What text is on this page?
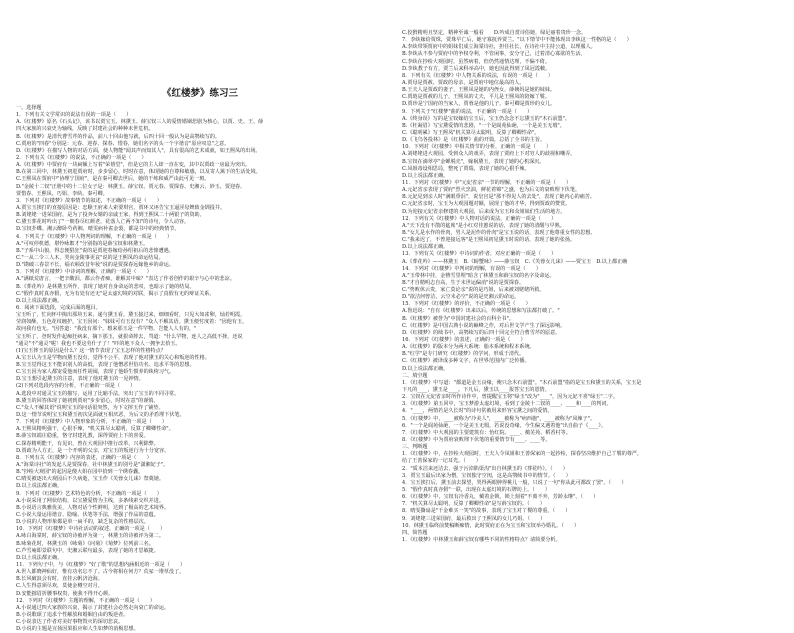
《红楼梦》练习三
一、选择题
1．下列有关文学常识的说法有误的一项是（　　）
A.《红楼梦》原名《石头记》，该书以贾宝玉、林黛玉、薛宝钗三人的爱情婚姻悲剧为核心，以贾、史、王、薛
四大家族的兴衰史为轴线，反映了封建社会的种种末世危机。
B.《红楼梦》是清代曹雪芹的作品，前八十回由他写就，后四十回一般认为是高鹗续写的。
C.贾府的"四春"分别是：元春、迎春、探春、惜春，她们名字的头一个字谐音"原应叹息"之意。
D.《红楼梦》在描写人物的对话方面，使人物能"闻其声而知其人"，具有很高的艺术成就，如王熙凤的出场。
2．下列有关《红楼梦》的说法，不正确的一项是（　　）
A.《红楼梦》中贾府有一块扁额上写着"荣禧堂"，但是它的主人却一直在变，其中以贾政一房最为突出。
B.在第三回中，林黛玉初进贾府时，步步留心，时时在意，体现她的自尊和敏感，以及寄人篱下的生活处境。
C.王熙凤在贾府中"协理宁国府"，是在秦可卿去世后，她的干练和威严由此可见一斑。
D."金陵十二钗"正册中的十二位女子是：林黛玉、薛宝钗、贾元春、贾探春、史湘云、妙玉、贾迎春、
贾惜春、王熙凤、巧姐、李纨、秦可卿。
3．下列对《红楼梦》故事情节的叙述，不正确的一项是（　　）
A.贾宝玉挨打的直接原因是：忠顺王府来人索要琪官，贾环又诬告宝玉逼淫母婢致金钏投井。
B.刘姥姥一进荣国府，是为了投奔女婿的亲戚王家，得到王熙凤二十两银子的资助。
C.黛玉葬花时吟出了"一朝春尽红颜老，花落人亡两不知"的诗句，令人动容。
D.宝钗扑蝶、湘云醉卧芍药裀、晴雯病补雀金裘，都是书中的经典情节。
4．下列关于《红楼梦》中人物判词的理解，不正确的一项是（　　）
A."可叹停机德，堪怜咏絮才"分别指的是薛宝钗和林黛玉。
B."子系中山狼，得志便猖狂"说的是贾迎春嫁给孙绍祖后的悲惨遭遇。
C."一从二令三人木，哭向金陵事更哀"说的是王熙凤的命运结局。
D."勘破三春景不长，缁衣顿改昔年妆"说的是贾探春远嫁他乡的命运。
5．下列对《红楼梦》中诗词的理解，正确的一项是（　　）
A."满纸荒唐言，一把辛酸泪。都云作者痴，谁解其中味？"表达了作者创作的艰辛与心中的悲凉。
B.《葬花吟》是林黛玉所作，表现了她对自身命运的悲叹，也暗示了她的结局。
C."假作真时真亦假，无为有处有还无"是太虚幻境的对联，揭示了真假有无的辩证关系。
D.以上说法都正确。
6．阅读下面选段，完成后面的题目。
宝玉听了，忙向怀中掏出那块玉来，递与黛玉看。黛玉接过来，细细看时，只见大如雀卵，灿若明霞，
莹润如酥，五色花纹缠护。宝玉因问："妹妹可有玉没有？"众人不解其语。黛玉便忖度着："因他有玉，
故问我有也无。"因答道："我没有那个。想来那玉是一件罕物，岂能人人有的。"
宝玉听了，登时发作起痴狂病来，摘下那玉，就狠命摔去，骂道："什么罕物，连人之高低不择，还说
"通灵"不"通灵"呢！我也不要这劳什子了！"吓的地下众人一拥争去拾玉。
(1)宝玉摔玉的原因是什么？这一情节表现了宝玉怎样的性格特点？
A.宝玉认为玉是罕物而黛玉没有，觉得不公平，表现了他对黛玉的关心和叛逆的性格。
B.宝玉觉得这玉不能识别人的高低，表现了他憎恶世俗功名、追求平等的思想。
C.宝玉因为家人都宠爱他而任性胡闹，表现了他娇生惯养的纨绔习气。
D.宝玉想引起黛玉的注意，表现了他对黛玉的一见钟情。
(2)下列对选段内容的分析，不正确的一项是（　　）
A.选段中对通灵宝玉的描写，运用了比喻手法，突出了宝玉的不同寻常。
B.黛玉的回答体现了她初到贾府"步步留心，时时在意"的谨慎。
C."众人不解其语"说明宝玉的问话很突然，为下文摔玉作了铺垫。
D.这一情节说明宝玉和黛玉初次见面就互相厌恶，为后文的矛盾埋下伏笔。
7．下列对《红楼梦》中人物形象的分析，不正确的一项是（　　）
A.王熙凤精明强干，心狠手辣，"机关算尽太聪明，反算了卿卿性命"。
B.薛宝钗端庄稳重，恪守封建礼教，深得贾府上下的喜爱。
C.探春精明能干，有见识，曾在大观园中推行改革，兴利除弊。
D.贾政为人方正，是一个开明的父亲，对宝玉的叛逆行为十分宽容。
8．下列有关《红楼梦》内容的表述，正确的一项是（　　）
A."海棠诗社"的发起人是贾探春，社中林黛玉的别号是"潇湘妃子"。
B."抄检大观园"的起因是傻大姐在园中拾到一个绣春囊。
C.晴雯被逐出大观园后不久病逝，宝玉作《芙蓉女儿诔》祭奠她。
D.以上说法都正确。
9．下列对《红楼梦》艺术特色的分析，不正确的一项是（　　）
A.小说采用了网状结构，以宝黛爱情为主线，多条线索交织并进。
B.小说语言典雅优美，人物对话个性鲜明，达到了极高的艺术境界。
C.小说大量运用谐音、隐喻、伏笔等手法，增强了作品的意蕴。
D.小说的人物形象都是单一扁平的，缺乏复杂的性格层次。
10．下列对《红楼梦》中诗社活动的叙述，正确的一项是（　　）
A.咏白海棠时，薛宝钗的诗被评为第一，林黛玉的诗被评为第二。
B.咏菊花时，林黛玉的《咏菊》《问菊》《菊梦》位列前三名。
C.芦雪庵即景联句中，史湘云联句最多，表现了她的才思敏捷。
D.以上说法都正确。
11．下列句子中，与《红楼梦》"好了歌"的思想内涵相近的一项是（　　）
A.世人都晓神仙好，惟有功名忘不了。古今将相在何方？荒冢一堆草没了。
B.长风破浪会有时，直挂云帆济沧海。
C.人生得意须尽欢，莫使金樽空对月。
D.安能摧眉折腰事权贵，使我不得开心颜。
12．下列对《红楼梦》主题的理解，不正确的一项是（　　）
A.小说通过四大家族的兴衰，揭示了封建社会必然走向衰亡的命运。
B.小说歌颂了追求个性解放和婚姻自由的叛逆者。
C.小说表达了作者对美好事物毁灭的深切悲哀。
D.小说的主题是宣扬因果报应和人生如梦的消极思想。
C.狡猾精明且坚定，精神至诚一般看　　D.吟成自赏诗俗她，绿足丽着贵珍一念。
7．李纨嫁给贾珠，贾珠早亡后，她守寡抚养贾兰。"以下情节中不能体现出李纨这一性格的是（　　）
A.李纨带领贾府中的姐妹们成立海棠诗社，担任社长，在诗社中主持公道，以理服人。
B.李纨从不参与贾府中的争权夺利，不管闲事，安分守己，过着清心寡欲的生活。
C.李纨在抄检大观园时，虽然病着，但仍然通情达理，不偏不倚。
D.李纨教子有方，贾兰后来科举高中，她也因此得到了凤冠霞帔。
8．下列有关《红楼梦》中人物关系的说法，有误的一项是（　　）
A.贾母是贾赦、贾政的母亲，是贾府中地位最高的人。
B.王夫人是贾政的妻子，王熙凤是她的内侄女，薛姨妈是她的妹妹。
C.贾琏是贾赦的儿子，王熙凤的丈夫，平儿是王熙凤的陪嫁丫鬟。
D.贾珍是宁国府的当家人，贾蓉是他的儿子，秦可卿是贾珍的女儿。
9．下列关于"红楼梦"曲的说法，不正确的一项是（　　）
A.《终身误》写的是宝钗嫁给宝玉后，宝玉仍念念不忘黛玉的"木石前盟"。
B.《枉凝眉》写宝黛爱情的悲剧，"一个是阆苑仙葩，一个是美玉无瑕"。
C.《聪明累》写王熙凤"机关算尽太聪明，反算了卿卿性命"。
D.《飞鸟各投林》是《红楼梦》曲的开篇，总括了全书的主旨。
10．下列对《红楼梦》中相关情节的分析，正确的一项是（　　）
A.刘姥姥进大观园，受到众人的戏弄，表现了贾府上下对穷人的歧视和嘲弄。
B.宝钗在滴翠亭"金蝉脱壳"，嫁祸黛玉，表现了她的心机深沉。
C.凤姐毒设相思局，整死了贾瑞，表现了她的心狠手辣。
D.以上说法都正确。
11．下列对《红楼梦》中"元妃省亲"一节的理解，不正确的一项是（　　）
A.元妃省亲表现了贾府"烈火烹油，鲜花着锦"之盛，也为后文的衰败埋下伏笔。
B.元妃见到亲人时"满眼垂泪"，说皇宫是"那不得见人的去处"，表现了她内心的痛苦。
C.元妃省亲时，宝玉为大观园题对额，展现了他的才华，得到贾政的赞赏。
D.为迎接元妃省亲修建的大观园，后来成为宝玉和众姐妹们生活的地方。
12．下列有关《红楼梦》中人物对话的说法，正确的一项是（　　）
A."天下没有不散的筵席"是小红对佳蕙说的话，表现了她的清醒与早熟。
B."女儿是水作的骨肉，男人是泥作的骨肉"是宝玉说的话，表现了他尊重女性的思想。
C."我来迟了，不曾迎接远客"是王熙凤初见黛玉时说的话，表现了她的张扬。
D.以上说法都正确。
13．下列有关《红楼梦》中诗词的作者，对应正确的一项是（　　）
A.《葬花吟》——林黛玉　B.《螃蟹咏》——薛宝钗　C.《芙蓉女儿诔》——贾宝玉　D.以上都正确
14．下列对《红楼梦》中判词的理解，有误的一项是（　　）
A."玉带林中挂，金簪雪里埋"暗含了林黛玉和薛宝钗的名字及命运。
B."才自精明志自高，生于末世运偏消"说的是贾探春。
C."势败休云贵，家亡莫论亲"说的是巧姐，后来被刘姥姥所救。
D."欲洁何曾洁，云空未必空"说的是史湘云的命运。
15．下列对《红楼梦》的评价，不正确的一项是（　　）
A.鲁迅说："自有《红楼梦》出来以后，传统的思想和写法都打破了。"
B.《红楼梦》被誉为"中国封建社会的百科全书"。
C.《红楼梦》是中国古典小说的巅峰之作，对后世文学产生了深远影响。
D.《红楼梦》的续书中，高鹗续写的后四十回完全符合曹雪芹的原意。
16．下列对《红楼梦》的表述，正确的一项是（　　）
A.《红楼梦》的版本分为两大系统：脂本系统和程本系统。
B."红学"是专门研究《红楼梦》的学问，形成于清代。
C.《红楼梦》被译成多种文字，在世界范围内广泛传播。
D.以上说法都正确。
二、填空题
1．《红楼梦》中写道："都道是金玉良缘，俺只念木石前盟"。"木石前盟"指的是宝玉和黛玉的关系，宝玉是
下凡的____，黛玉是____。下凡后，黛玉以____报答宝玉的恩情。
2．宝钗在元妃省亲时所作诗作中，曾提醒宝玉将"绿玉"改为"____"，因为元妃不喜"绿玉"二字。
3．《红楼梦》第五回中，宝玉梦游太虚幻境，看到了金陵十二钗的____、____和____的判词。
4．"____，两情若是久长时"的诗句常被用来形容宝黛之间的爱情。
5．《红楼梦》中，____被称为"冷美人"，____被称为"病西施"，____被称为"凤辣子"。
6．"一个是阆苑仙葩，一个是美玉无瑕。若说没奇缘，今生偏又遇着他"出自曲子《____》。
7．《红楼梦》中大观园的主要建筑有：怡红院、____、蘅芜苑、稻香村等。
8．《红楼梦》中为贾府衰败埋下伏笔的重要情节有____、____等。
三、判断题
1．《红楼梦》中，在抄检大观园时，王夫人令凤姐和王善保家的一起抄检，探春坚决维护自己丫鬟的尊严，
给了王善保家的一记耳光。（　　）
2．"质本洁来还洁去，强于污淖陷渠沟"出自林黛玉的《葬花吟》。（　　）
3．贾宝玉最后出家为僧，宝钗独守空闺，这是高鹗续书中的情节。（　　）
4．宝玉挨打后，黛玉前去探望，哭得两眼肿得桃儿一般，只说了一句"你从此可都改了罢"。（　　）
5．"假作真时真亦假"一联，出现在太虚幻境的石牌坊上。（　　）
6．《红楼梦》中，宝钗有冷香丸，戴着金锁，锁上刻着"不离不弃，芳龄永继"。（　　）
7．"机关算尽太聪明，反算了卿卿性命"是写薛宝钗的。（　　）
8．晴雯撕扇是"千金难买一笑"的故事，表现了宝玉对丫鬟的尊重。（　　）
9．刘姥姥三进荣国府，最后救出了王熙凤的女儿巧姐。（　　）
10．林黛玉临终前焚稿断痴情，此时贾府正在为宝玉和宝钗举办婚礼。（　　）
四、简答题
1．《红楼梦》中林黛玉和薛宝钗有哪些不同的性格特点？请简要分析。
